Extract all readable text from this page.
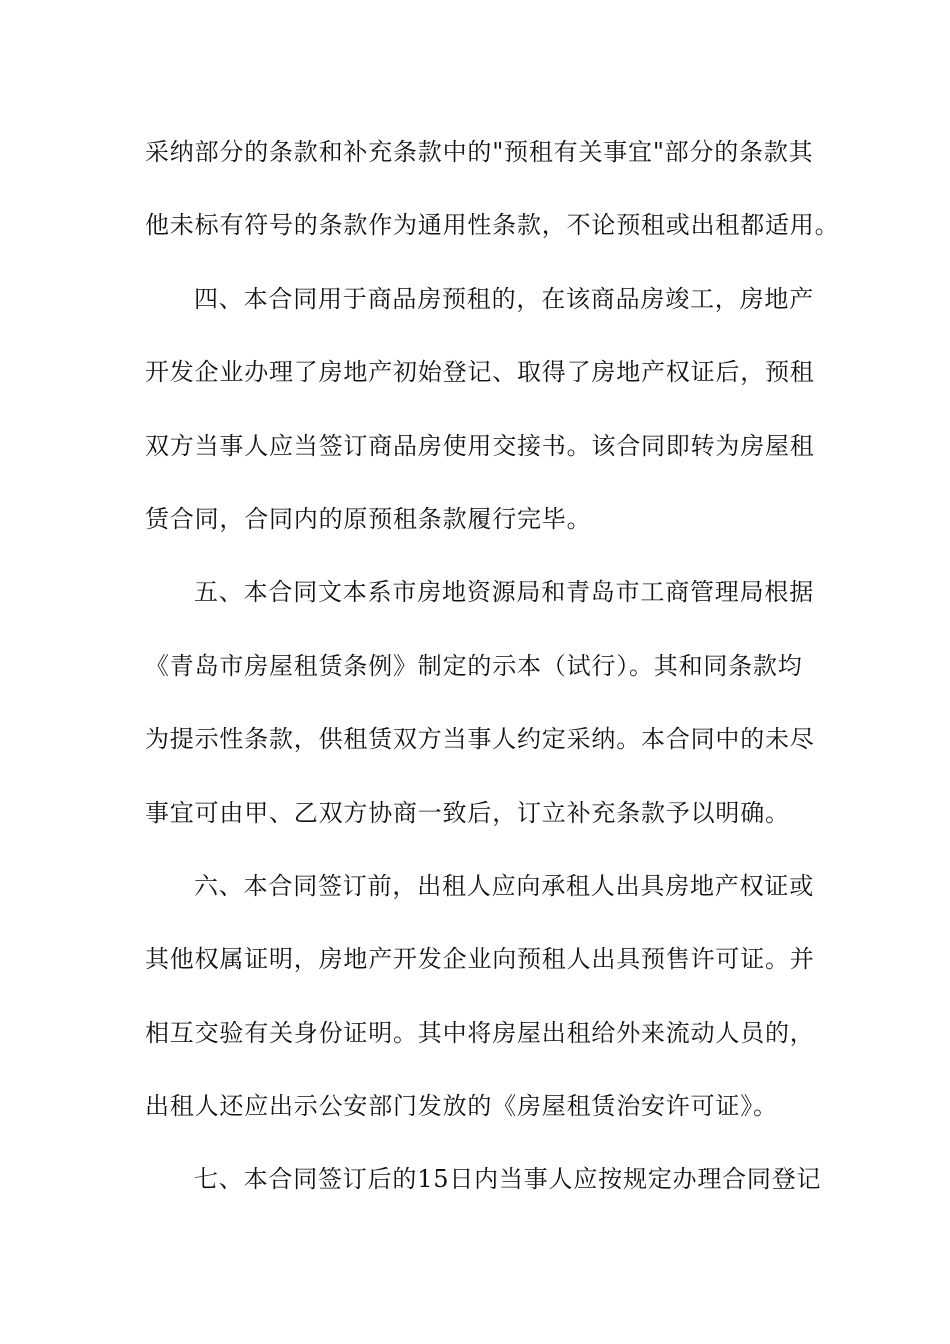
采纳部分的条款和补充条款中的"预租有关事宜"部分的条款其
他未标有符号的条款作为通用性条款，不论预租或出租都适用。
四、本合同用于商品房预租的，在该商品房竣工，房地产
开发企业办理了房地产初始登记、取得了房地产权证后，预租
双方当事人应当签订商品房使用交接书。该合同即转为房屋租
赁合同，合同内的原预租条款履行完毕。
五、本合同文本系市房地资源局和青岛市工商管理局根据
《青岛市房屋租赁条例》制定的示本（试行）。其和同条款均
为提示性条款，供租赁双方当事人约定采纳。本合同中的未尽
事宜可由甲、乙双方协商一致后，订立补充条款予以明确。
六、本合同签订前，出租人应向承租人出具房地产权证或
其他权属证明，房地产开发企业向预租人出具预售许可证。并
相互交验有关身份证明。其中将房屋出租给外来流动人员的，
出租人还应出示公安部门发放的《房屋租赁治安许可证》。
七、本合同签订后的15日内当事人应按规定办理合同登记
